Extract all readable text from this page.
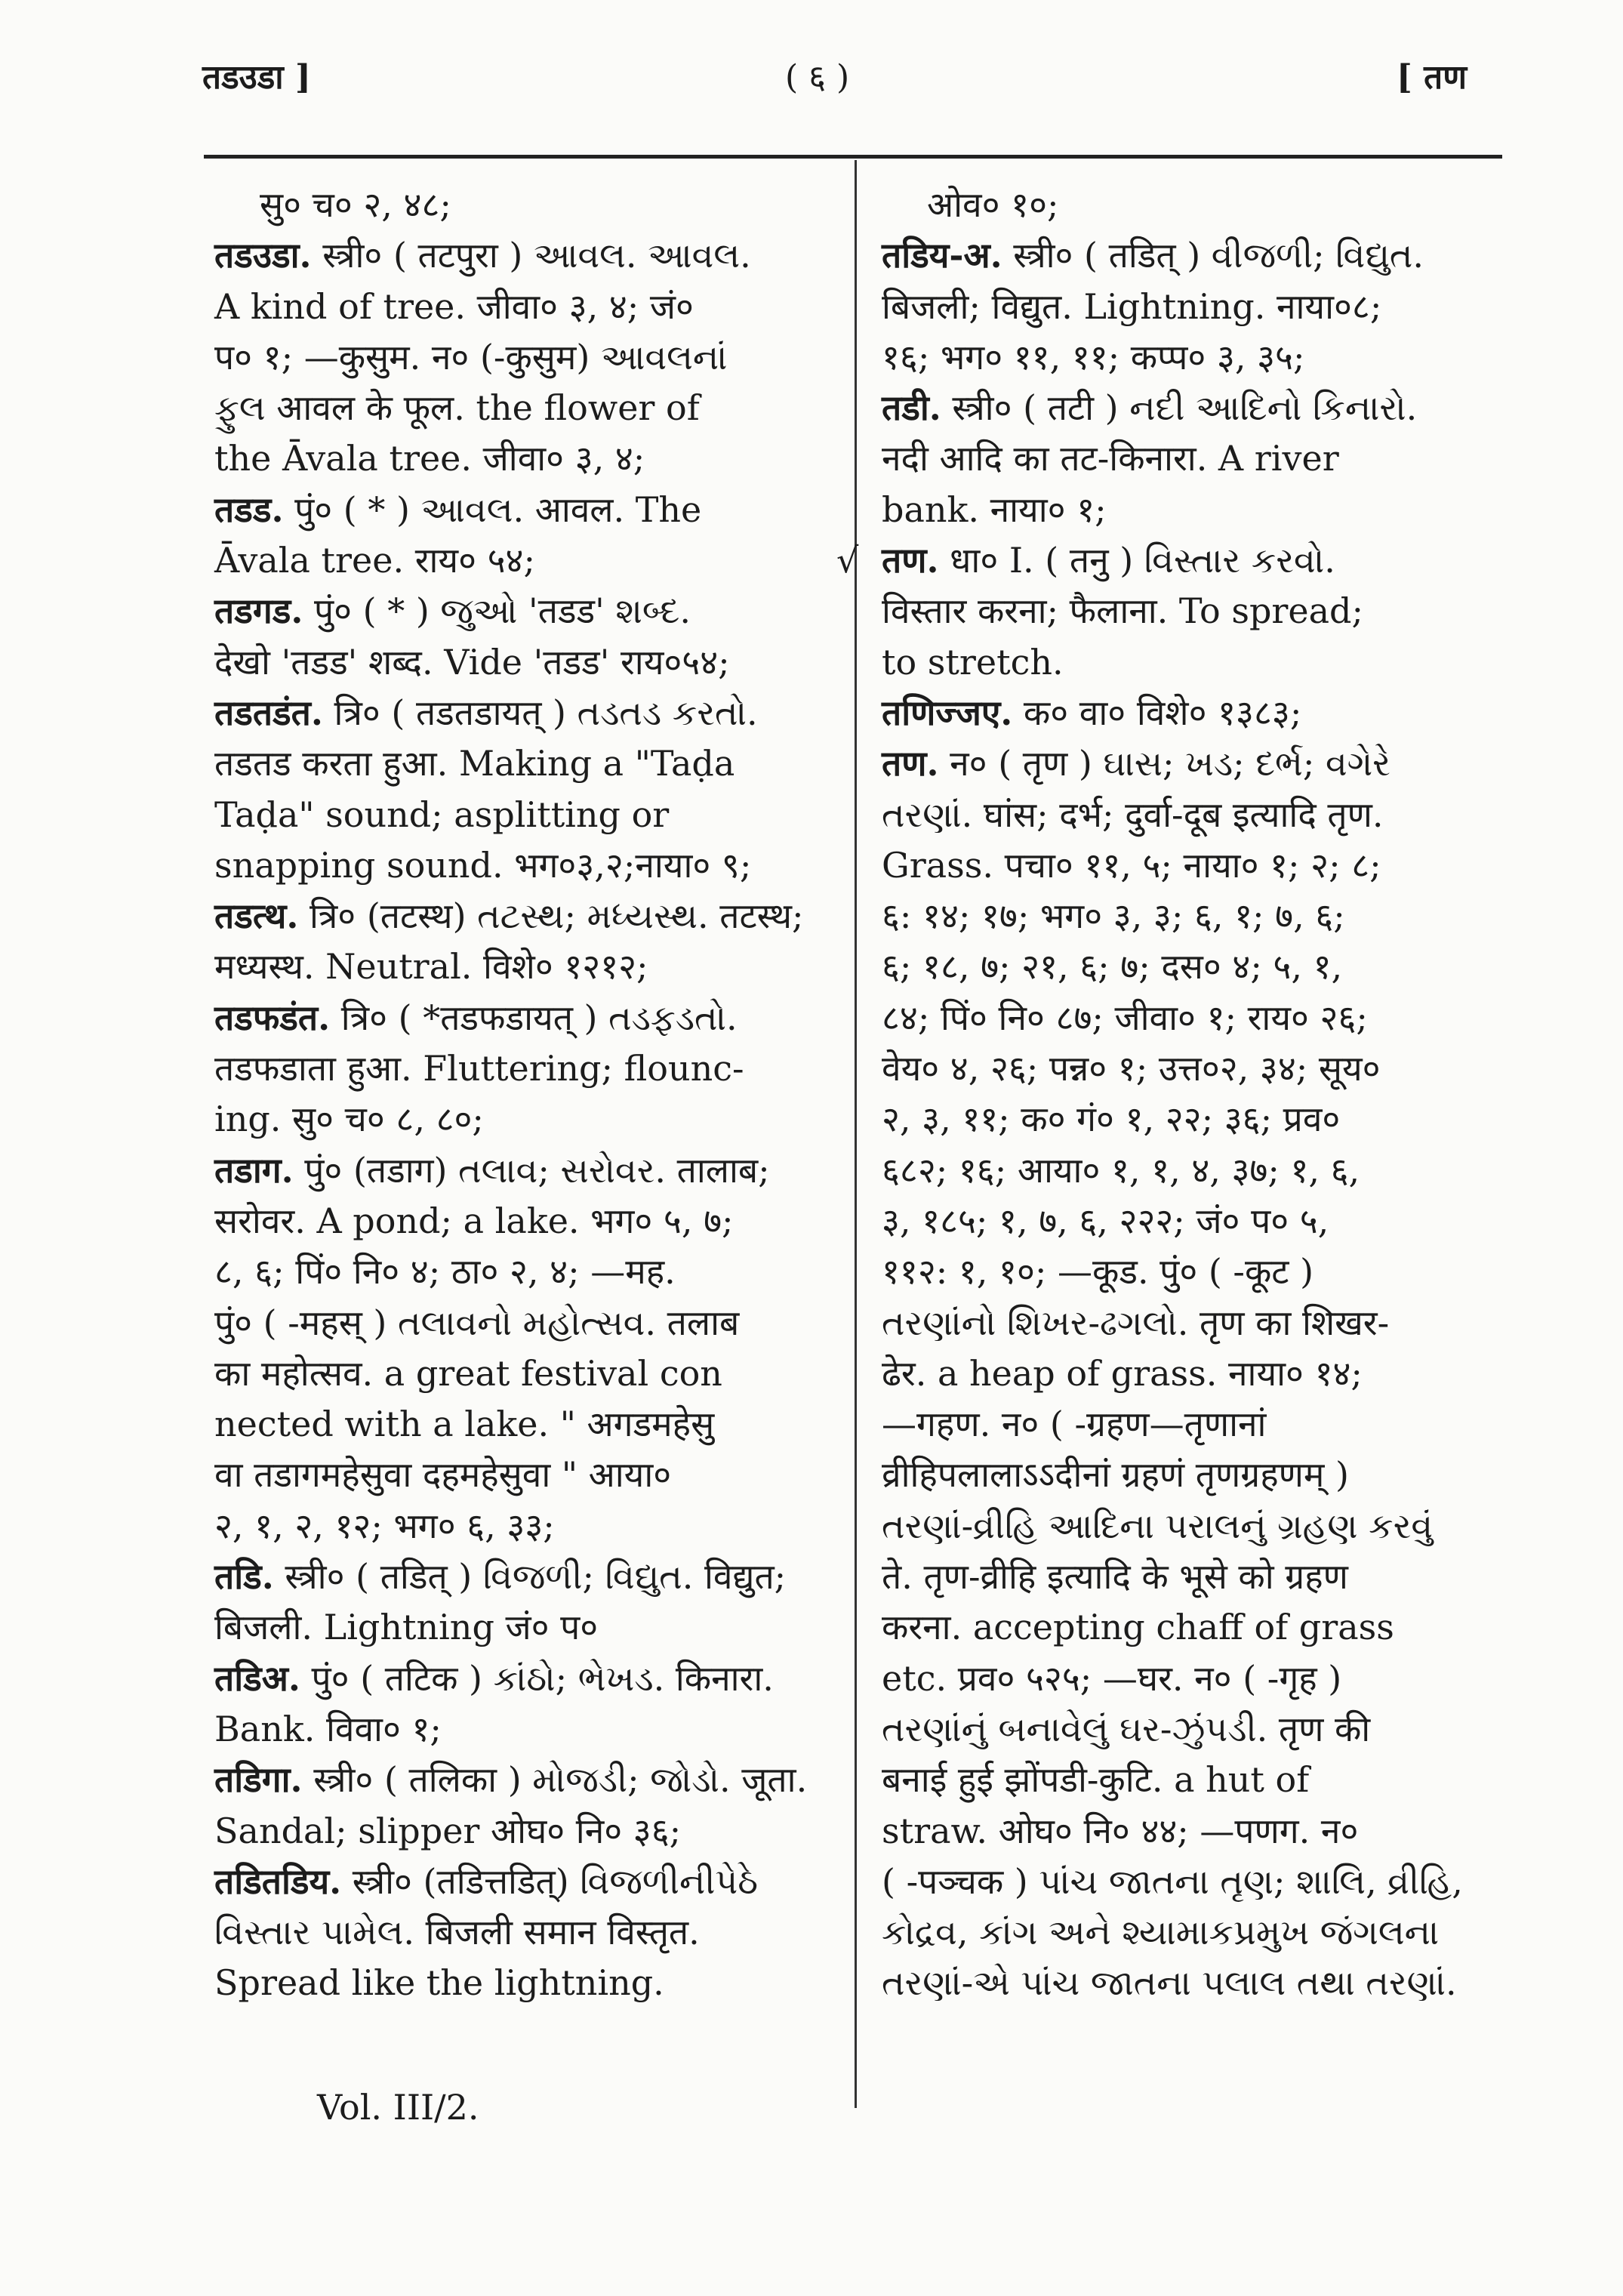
तडउडा ]	( ६ )	[ तण
सु० च० २, ४८;
तडउडा. स्त्री० ( तटपुरा ) આવલ. આવલ.
A kind of tree. जीवा० ३, ४; जं०
प० १; —कुसुम. न० (-कुसुम) આવલનાં
ફુલ आवल के फूल. the flower of
the Āvala tree. जीवा० ३, ४;
तडड. पुं० ( * ) આવલ. आवल. The
Āvala tree. राय० ५४;
तडगड. पुं० ( * ) જુઓ 'तडड' શબ્દ.
देखो 'तडड' शब्द. Vide 'तडड' राय०५४;
तडतडंत. त्रि० ( तडतडायत् ) તડતડ કરતો.
तडतड करता हुआ. Making a "Taḍa
Taḍa" sound; asplitting or
snapping sound. भग०३,२;नाया० ९;
तडत्थ. त्रि० (तटस्थ) તટસ્થ; મધ્યસ્થ. तटस्थ;
मध्यस्थ. Neutral. विशे० १२१२;
तडफडंत. त्रि० ( *तडफडायत् ) તડફડતો.
तडफडाता हुआ. Fluttering; flounc-
ing. सु० च० ८, ८०;
तडाग. पुं० (तडाग) તલાવ; સરોવર. तालाब;
सरोवर. A pond; a lake. भग० ५, ७;
८, ६; पिं० नि० ४; ठा० २, ४; —मह.
पुं० ( -महस् ) તલાવનો મહોત્સવ. तलाब
का महोत्सव. a great festival con
nected with a lake. " अगडमहेसु
वा तडागमहेसुवा दहमहेसुवा " आया०
२, १, २, १२; भग० ६, ३३;
तडि. स्त्री० ( तडित् ) વિજળી; વિદ્યુત. विद्युत;
बिजली. Lightning जं० प०
तडिअ. पुं० ( तटिक ) કાંઠો; ભેખડ. किनारा.
Bank. विवा० १;
तडिगा. स्त्री० ( तलिका ) મોજડી; જોડો. जूता.
Sandal; slipper ओघ० नि० ३६;
तडितडिय. स्त्री० (तडित्तडित्) વિજળીનીપેઠે
વિસ્તાર પામેલ. बिजली समान विस्तृत.
Spread like the lightning.
ओव० १०;
तडिय-अ. स्त्री० ( तडित् ) વીજળી; વિદ્યુત.
बिजली; विद्युत. Lightning. नाया०८;
१६; भग० ११, ११; कप्प० ३, ३५;
तडी. स्त्री० ( तटी ) નદી આદિનો કિનારો.
नदी आदि का तट-किनारा. A river
bank. नाया० १;
√ तण. धा० I. ( तनु ) વિસ્તાર કરવો.
विस्तार करना; फैलाना. To spread;
to stretch.
तणिज्जए. क० वा० विशे० १३८३;
तण. न० ( तृण ) ઘાસ; ખડ; દર્ભ; વગેરે
તરણાં. घांस; दर्भ; दुर्वा-दूब इत्यादि तृण.
Grass. पचा० ११, ५; नाया० १; २; ८;
६: १४; १७; भग० ३, ३; ६, १; ७, ६;
६; १८, ७; २१, ६; ७; दस० ४; ५, १,
८४; पिं० नि० ८७; जीवा० १; राय० २६;
वेय० ४, २६; पन्न० १; उत्त०२, ३४; सूय०
२, ३, ११; क० गं० १, २२; ३६; प्रव०
६८२; १६; आया० १, १, ४, ३७; १, ६,
३, १८५; १, ७, ६, २२२; जं० प० ५,
११२: १, १०; —कूड. पुं० ( -कूट )
તરણાંનો શિખર-ઢગલો. तृण का शिखर-
ढेर. a heap of grass. नाया० १४;
—गहण. न० ( -ग्रहण—तृणानां
व्रीहिपलालाऽऽदीनां ग्रहणं तृणग्रहणम् )
તરણાં-વ્રીહિ આદિના પરાલનું ગ્રહણ કરવું
ते. तृण-व्रीहि इत्यादि के भूसे को ग्रहण
करना. accepting chaff of grass
etc. प्रव० ५२५; —घर. न० ( -गृह )
તરણાંનું બનાવેલું ઘર-ઝુંપડી. तृण की
बनाई हुई झोंपडी-कुटि. a hut of
straw. ओघ० नि० ४४; —पणग. न०
( -पञ्चक ) પાંચ જાતના તૃણ; શાલિ, વ્રીહિ,
કોદ્રવ, કાંગ અને શ્યામાકપ્રમુખ જંગલના
તરણાં-એ પાંચ જાતના પલાલ તથા તરણાં.
Vol. III/2.
